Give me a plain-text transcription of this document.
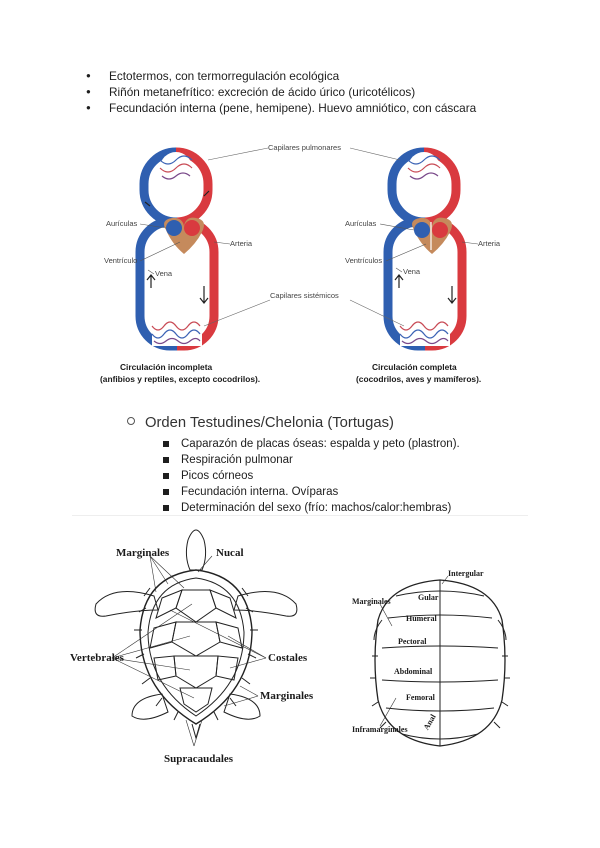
● Ectotermos, con termorregulación ecológica
● Riñón metanefrítico: excreción de ácido úrico (uricotélicos)
● Fecundación interna (pene, hemipene). Huevo amniótico, con cáscara
Aurículas
Ventrículo
Vena
Arteria
Circulación incompleta
(anfibios y reptiles, excepto cocodrilos).
Aurículas
Ventrículos
Vena
Arteria
Circulación completa
(cocodrilos, aves y mamíferos).
Capilares pulmonares
Capilares sistémicos
Orden Testudines/Chelonia (Tortugas)
Caparazón de placas óseas: espalda y peto (plastron).
Respiración pulmonar
Picos córneos
Fecundación interna. Ovíparas
Determinación del sexo (frío: machos/calor:hembras)
Marginales	Nucal
Vertebrales	Costales
Marginales
Supracaudales
Intergular
Gular
Humeral
Pectoral
Abdominal
Femoral
Anal
Marginales
Inframarginales
